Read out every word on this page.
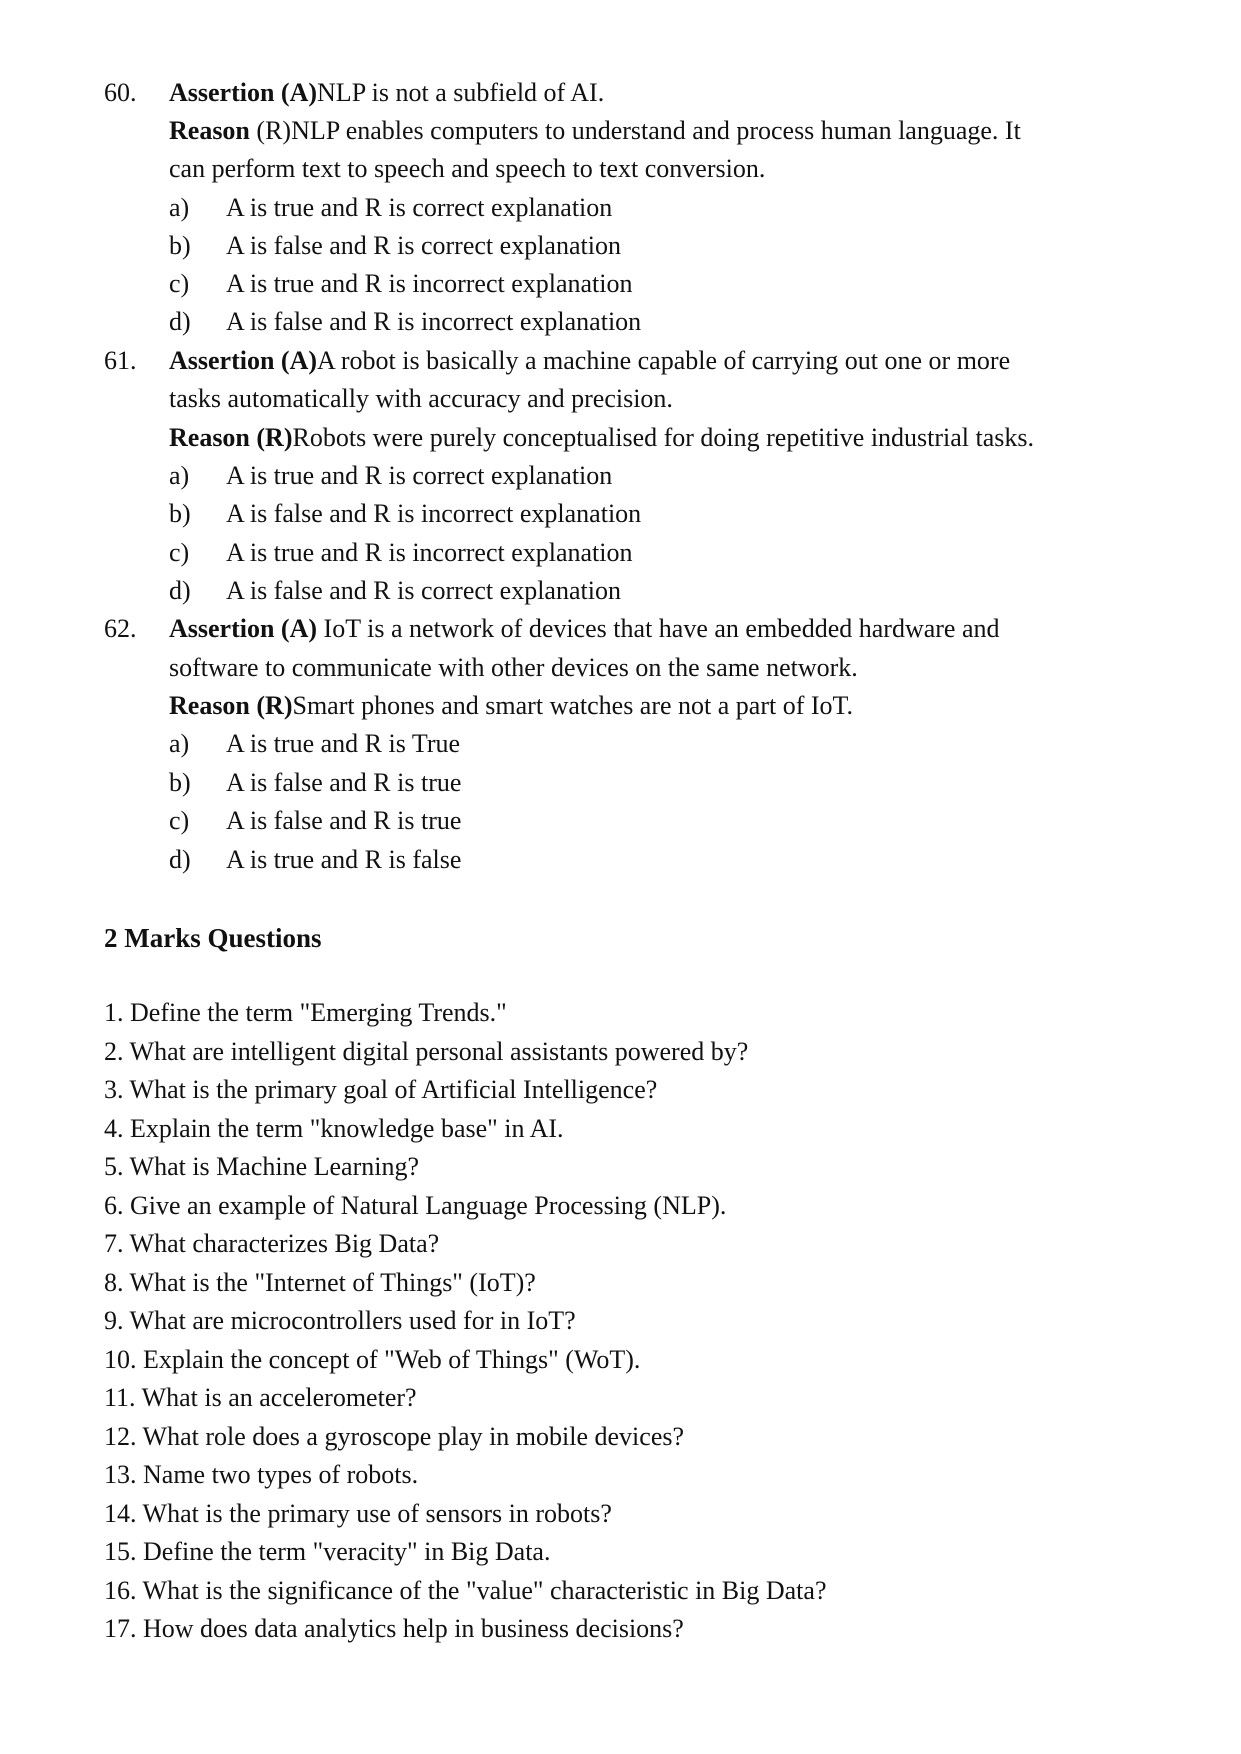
60. Assertion (A)NLP is not a subfield of AI.
Reason (R)NLP enables computers to understand and process human language. It
can perform text to speech and speech to text conversion.
a) A is true and R is correct explanation
b) A is false and R is correct explanation
c) A is true and R is incorrect explanation
d) A is false and R is incorrect explanation
61. Assertion (A)A robot is basically a machine capable of carrying out one or more
tasks automatically with accuracy and precision.
Reason (R)Robots were purely conceptualised for doing repetitive industrial tasks.
a) A is true and R is correct explanation
b) A is false and R is incorrect explanation
c) A is true and R is incorrect explanation
d) A is false and R is correct explanation
62. Assertion (A) IoT is a network of devices that have an embedded hardware and
software to communicate with other devices on the same network.
Reason (R)Smart phones and smart watches are not a part of IoT.
a) A is true and R is True
b) A is false and R is true
c) A is false and R is true
d) A is true and R is false
2 Marks Questions
1. Define the term "Emerging Trends."
2. What are intelligent digital personal assistants powered by?
3. What is the primary goal of Artificial Intelligence?
4. Explain the term "knowledge base" in AI.
5. What is Machine Learning?
6. Give an example of Natural Language Processing (NLP).
7. What characterizes Big Data?
8. What is the "Internet of Things" (IoT)?
9. What are microcontrollers used for in IoT?
10. Explain the concept of "Web of Things" (WoT).
11. What is an accelerometer?
12. What role does a gyroscope play in mobile devices?
13. Name two types of robots.
14. What is the primary use of sensors in robots?
15. Define the term "veracity" in Big Data.
16. What is the significance of the "value" characteristic in Big Data?
17. How does data analytics help in business decisions?
